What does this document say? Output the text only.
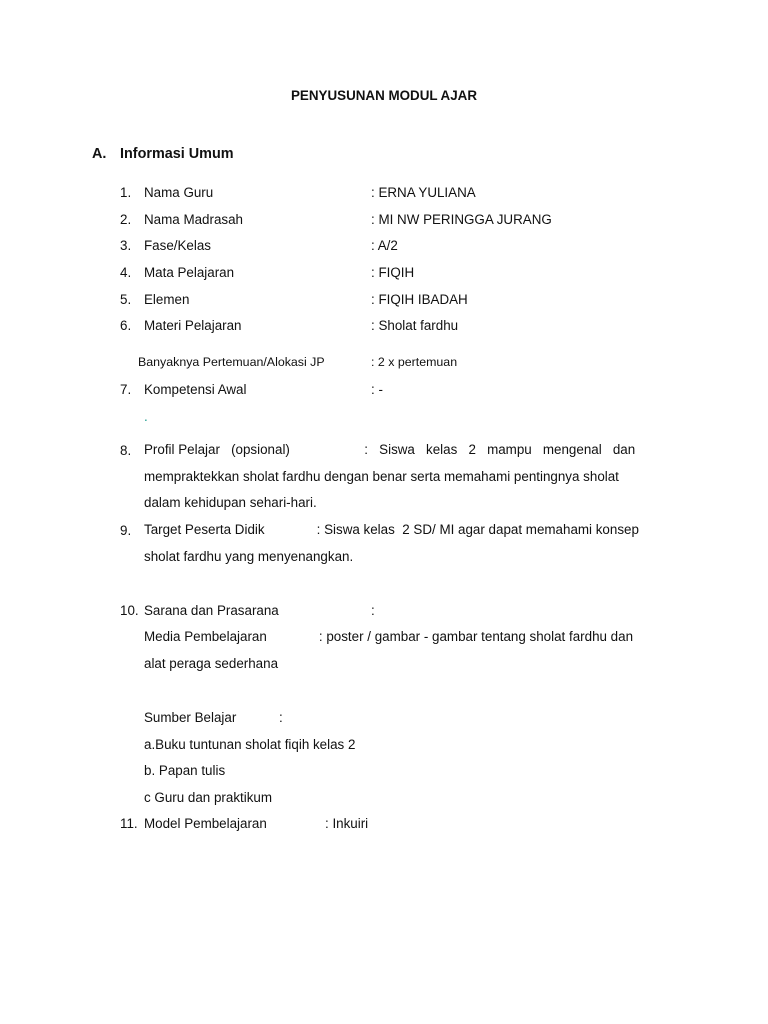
PENYUSUNAN MODUL AJAR
A. Informasi Umum
1. Nama Guru	: ERNA YULIANA
2. Nama Madrasah	: MI NW PERINGGA JURANG
3. Fase/Kelas	: A/2
4. Mata Pelajaran	: FIQIH
5. Elemen	: FIQIH IBADAH
6. Materi Pelajaran	: Sholat fardhu
Banyaknya Pertemuan/Alokasi JP	: 2 x pertemuan
7. Kompetensi Awal	: -
.
8. Profil Pelajar   (opsional)                    :   Siswa   kelas   2   mampu   mengenal   dan
mempraktekkan sholat fardhu dengan benar serta memahami pentingnya sholat
dalam kehidupan sehari-hari.
9. Target Peserta Didik              : Siswa kelas  2 SD/ MI agar dapat memahami konsep
sholat fardhu yang menyenangkan.
10. Sarana dan Prasarana	:
Media Pembelajaran              : poster / gambar - gambar tentang sholat fardhu dan
alat peraga sederhana
Sumber Belajar	:
a.Buku tuntunan sholat fiqih kelas 2
b. Papan tulis
c Guru dan praktikum
11. Model Pembelajaran	: Inkuiri
